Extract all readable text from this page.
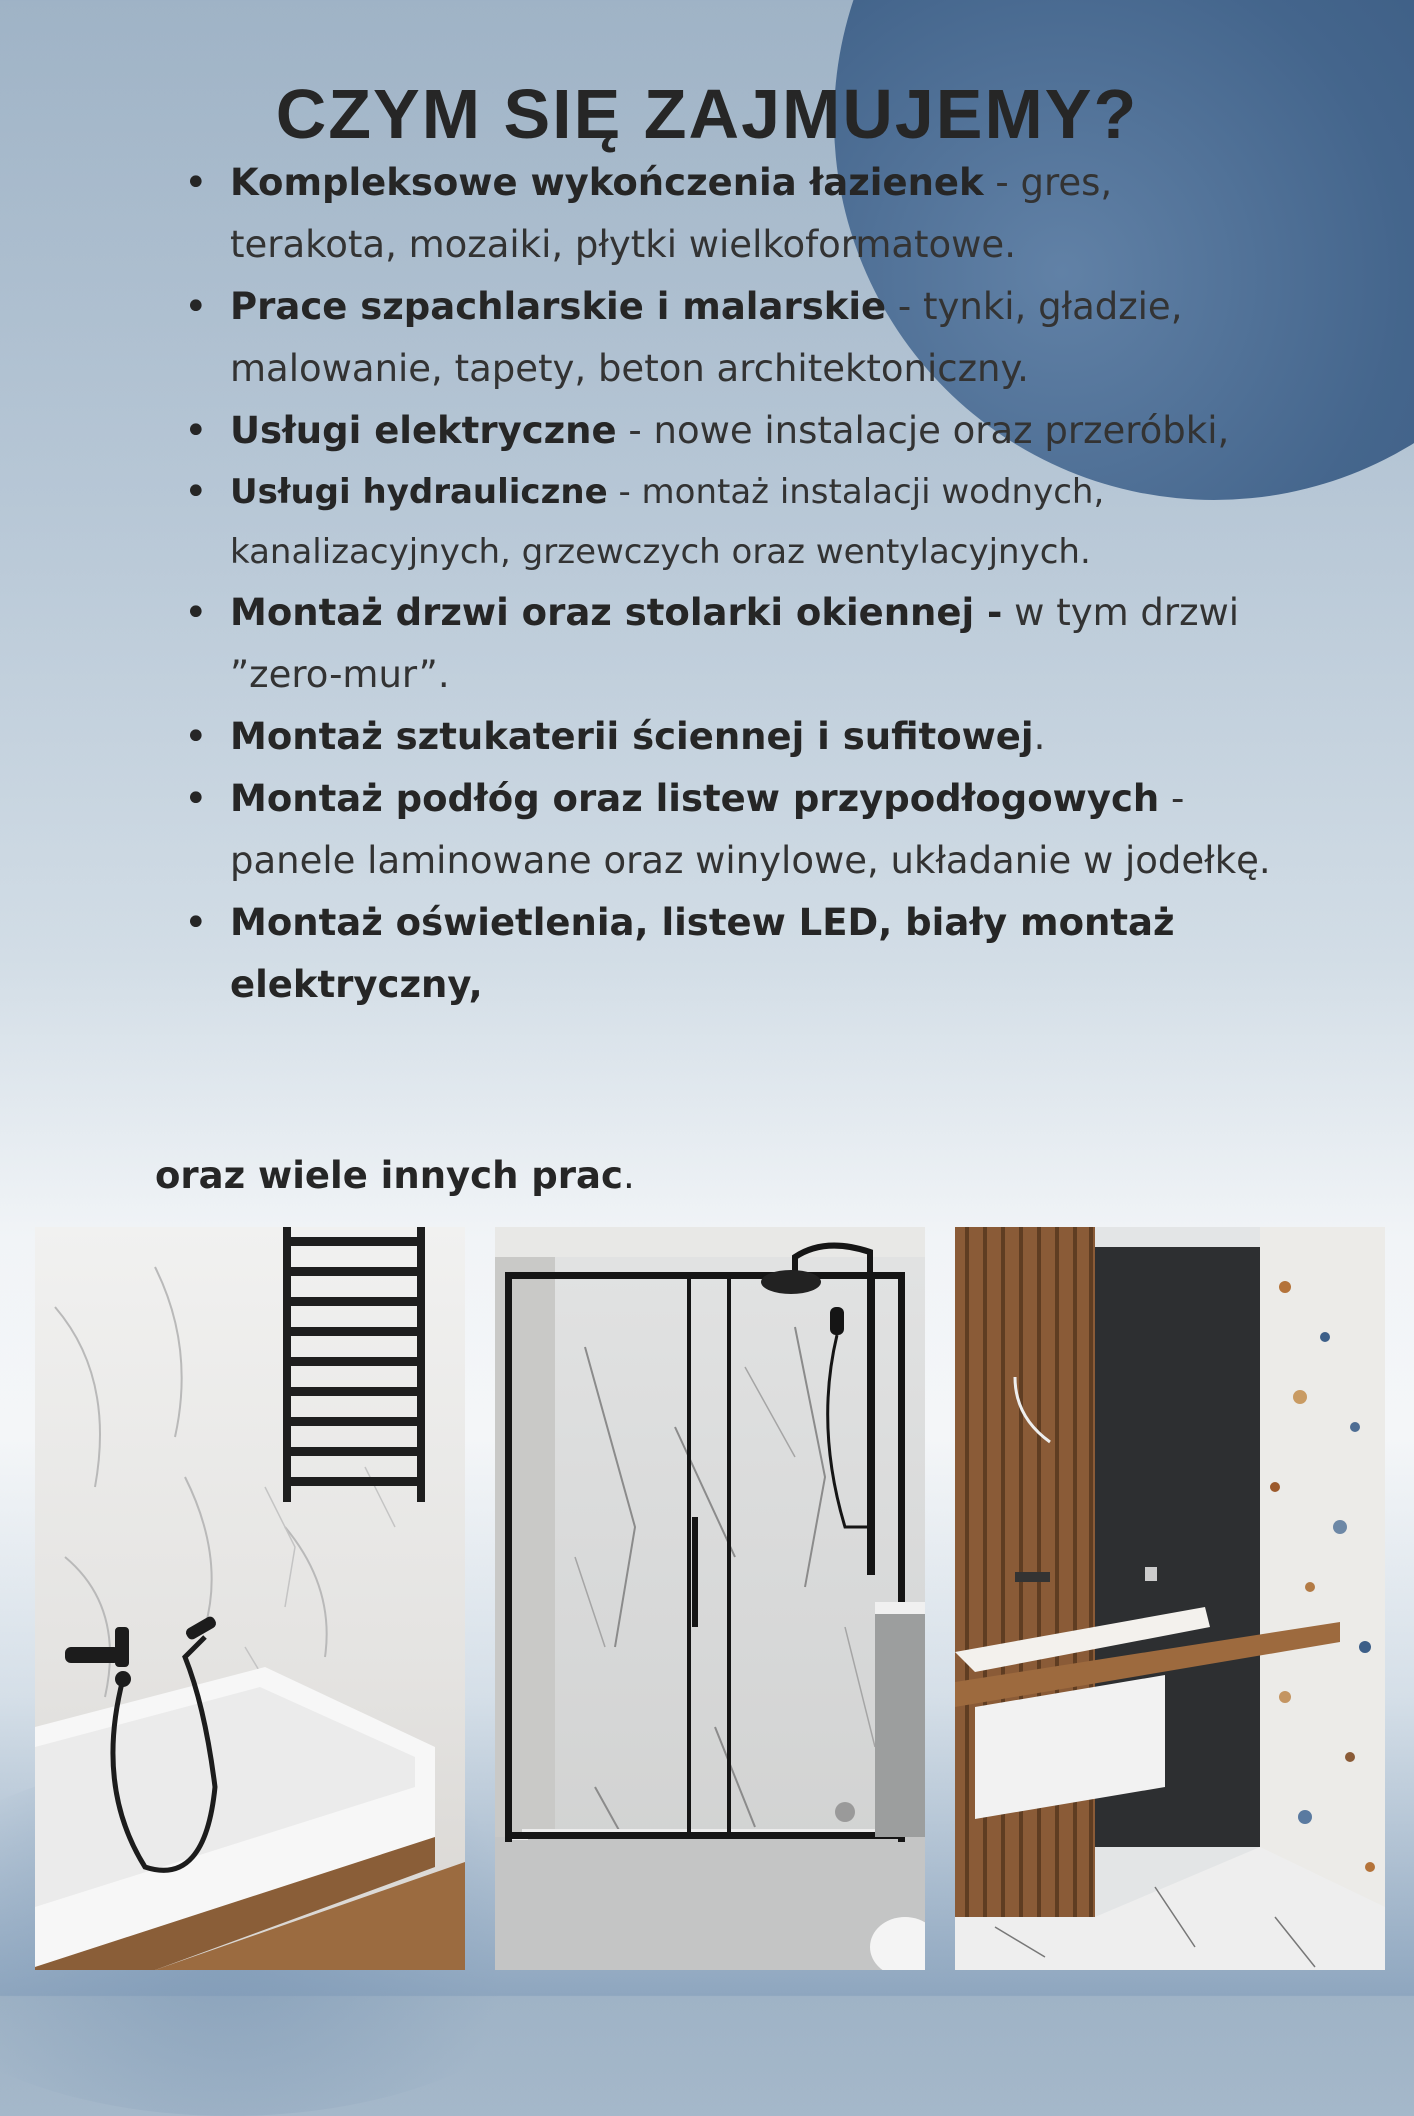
CZYM SIĘ ZAJMUJEMY?
• Kompleksowe wykończenia łazienek - gres, terakota, mozaiki, płytki wielkoformatowe.
• Prace szpachlarskie i malarskie - tynki, gładzie, malowanie, tapety, beton architektoniczny.
• Usługi elektryczne - nowe instalacje oraz przeróbki,
• Usługi hydrauliczne - montaż instalacji wodnych, kanalizacyjnych, grzewczych oraz wentylacyjnych.
• Montaż drzwi oraz stolarki okiennej - w tym drzwi ”zero-mur”.
• Montaż sztukaterii ściennej i sufitowej.
• Montaż podłóg oraz listew przypodłogowych - panele laminowane oraz winylowe, układanie w jodełkę.
• Montaż oświetlenia, listew LED, biały montaż elektryczny,
oraz wiele innych prac.
